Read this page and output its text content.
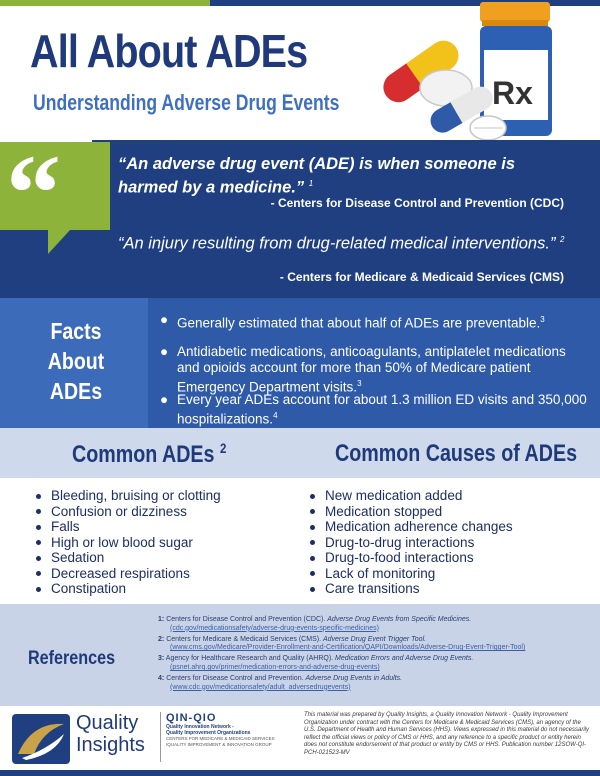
All About ADEs
Understanding Adverse Drug Events	Rx
“	“An adverse drug event (ADE) is when someone is harmed by a medicine.” $^1$
- Centers for Disease Control and Prevention (CDC)
“An injury resulting from drug-related medical interventions.” $^2$
- Centers for Medicare & Medicaid Services (CMS)
Facts
About
ADEs
● Generally estimated that about half of ADEs are preventable.$^3$
● Antidiabetic medications, anticoagulants, antiplatelet medications and opioids account for more than 50% of Medicare patient Emergency Department visits.$^3$
● Every year ADEs account for about 1.3 million ED visits and 350,000 hospitalizations.$^4$
Common ADEs $^2$	Common Causes of ADEs
Bleeding, bruising or clotting
Confusion or dizziness
Falls
High or low blood sugar
Sedation
Decreased respirations
Constipation
New medication added
Medication stopped
Medication adherence changes
Drug-to-drug interactions
Drug-to-food interactions
Lack of monitoring
Care transitions
References
1: Centers for Disease Control and Prevention (CDC). Adverse Drug Events from Specific Medicines.
(cdc.gov/medicationsafety/adverse-drug-events-specific-medicines)
2: Centers for Medicare & Medicaid Services (CMS). Adverse Drug Event Trigger Tool.
(www.cms.gov/Medicare/Provider-Enrollment-and-Certification/QAPI/Downloads/Adverse-Drug-Event-Trigger-Tool)
3: Agency for Healthcare Research and Quality (AHRQ). Medication Errors and Adverse Drug Events.
(psnet.ahrq.gov/primer/medication-errors-and-adverse-drug-events)
4: Centers for Disease Control and Prevention. Adverse Drug Events in Adults.
(www.cdc.gov/medicationsafety/adult_adversedrugevents)
Quality
Insights
QIN-QIO
Quality Innovation Network -
Quality Improvement Organizations
CENTERS FOR MEDICARE & MEDICAID SERVICES
IQUALITY IMPROVEMENT & INNOVATION GROUP
This material was prepared by Quality Insights, a Quality Innovation Network - Quality Improvement Organization under contract with the Centers for Medicare & Medicaid Services (CMS), an agency of the U.S. Department of Health and Human Services (HHS). Views expressed in this material do not necessarily reflect the official views or policy of CMS or HHS, and any reference to a specific product or entity herein does not constitute endorsement of that product or entity by CMS or HHS. Publication number 12SOW-QI-PCH-021523-MV
